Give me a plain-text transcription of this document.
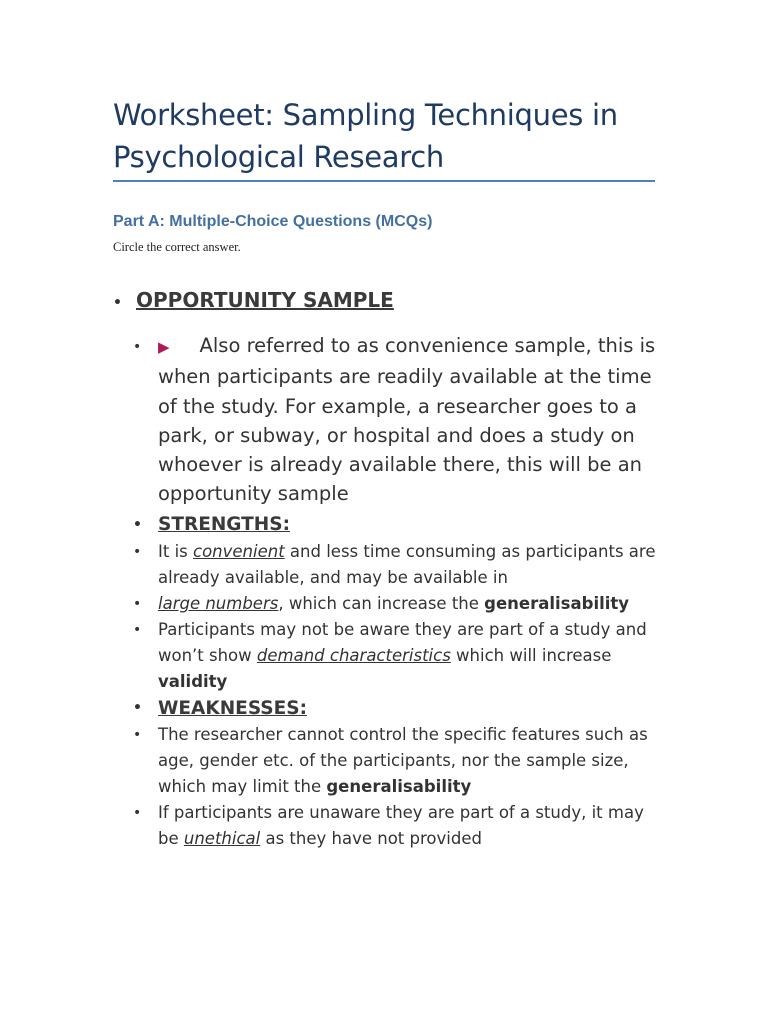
Worksheet: Sampling Techniques in Psychological Research
Part A: Multiple-Choice Questions (MCQs)

Circle the correct answer.

• OPPORTUNITY SAMPLE
• ▶ Also referred to as convenience sample, this is when participants are readily available at the time of the study. For example, a researcher goes to a park, or subway, or hospital and does a study on whoever is already available there, this will be an opportunity sample
• STRENGTHS:
• It is convenient and less time consuming as participants are already available, and may be available in
• large numbers, which can increase the generalisability
• Participants may not be aware they are part of a study and won’t show demand characteristics which will increase validity
• WEAKNESSES:
• The researcher cannot control the specific features such as age, gender etc. of the participants, nor the sample size, which may limit the generalisability
• If participants are unaware they are part of a study, it may be unethical as they have not provided
